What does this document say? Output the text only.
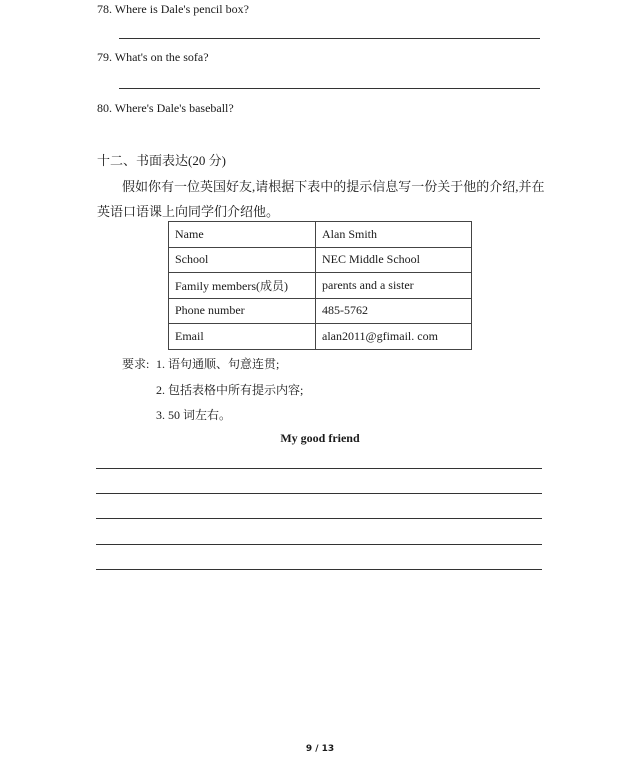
78. Where is Dale's pencil box?
79. What's on the sofa?
80. Where's Dale's baseball?
十二、书面表达(20 分)
假如你有一位英国好友,请根据下表中的提示信息写一份关于他的介绍,并在
英语口语课上向同学们介绍他。
Name	Alan Smith
School	NEC Middle School
Family members(成员)	parents and a sister
Phone number	485-5762
Email	alan2011@gfimail. com
要求: 1. 语句通顺、句意连贯;
2. 包括表格中所有提示内容;
3. 50 词左右。
My good friend
9 / 13
